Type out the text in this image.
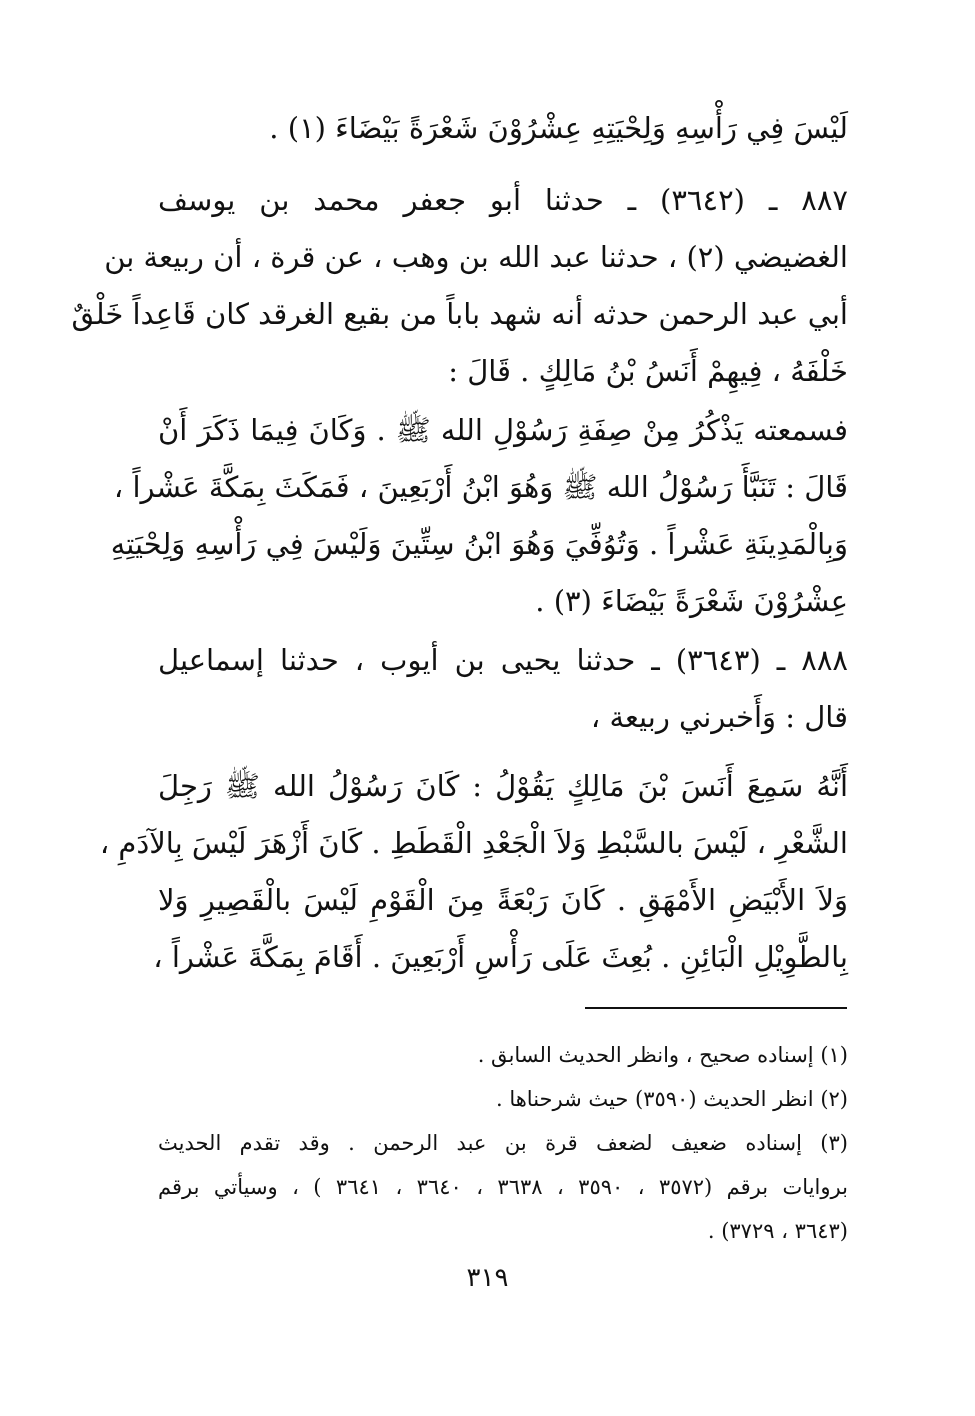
لَيْسَ فِي رَأْسِهِ وَلِحْيَتِهِ عِشْرُوْنَ شَعْرَةً بَيْضَاءَ (١) .
٨٨٧ ـ (٣٦٤٢) ـ حدثنا أبو جعفر محمد بن يوسف
الغضيضي (٢) ، حدثنا عبد الله بن وهب ، عن قرة ، أن ربيعة بن
أبي عبد الرحمن حدثه أنه شهد باباً من بقيع الغرقد كان قَاعِداً خَلْقٌ
خَلْفَهُ ، فِيهِمْ أَنَسُ بْنُ مَالِكٍ . قَالَ :
فسمعته يَذْكُرُ مِنْ صِفَةِ رَسُوْلِ الله ﷺ . وَكَانَ فِيمَا ذَكَرَ أَنْ
قَالَ : تَنَبَّأَ رَسُوْلُ الله ﷺ وَهُوَ ابْنُ أَرْبَعِينَ ، فَمَكَثَ بِمَكَّةَ عَشْراً ،
وَبِالْمَدِينَةِ عَشْراً . وَتُوُفِّيَ وَهُوَ ابْنُ سِتِّينَ وَلَيْسَ فِي رَأْسِهِ وَلِحْيَتِهِ
عِشْرُوْنَ شَعْرَةً بَيْضَاءَ (٣) .
٨٨٨ ـ (٣٦٤٣) ـ حدثنا يحيى بن أيوب ، حدثنا إسماعيل
قال : وَأَخبرني ربيعة ،
أَنَّهُ سَمِعَ أَنَسَ بْنَ مَالِكٍ يَقُوْلُ : كَانَ رَسُوْلُ الله ﷺ رَجِلَ
الشَّعْرِ ، لَيْسَ بالسَّبْطِ وَلاَ الْجَعْدِ الْقَطَطِ . كَانَ أَزْهَرَ لَيْسَ بِالآدَمِ ،
وَلاَ الأَبْيَضِ الأَمْهَقِ . كَانَ رَبْعَةً مِنَ الْقَوْمِ لَيْسَ بالْقَصِيرِ وَلا
بِالطَّوِيْلِ الْبَائِنِ . بُعِثَ عَلَى رَأْسِ أَرْبَعِينَ . أَقَامَ بِمَكَّةَ عَشْراً ،
(١) إسناده صحيح ، وانظر الحديث السابق .
(٢) انظر الحديث (٣٥٩٠) حيث شرحناها .
(٣) إسناده ضعيف لضعف قرة بن عبد الرحمن . وقد تقدم الحديث
بروايات برقم (٣٥٧٢ ، ٣٥٩٠ ، ٣٦٣٨ ، ٣٦٤٠ ، ٣٦٤١ ) ، وسيأتي برقم
(٣٦٤٣ ، ٣٧٢٩) .
٣١٩
